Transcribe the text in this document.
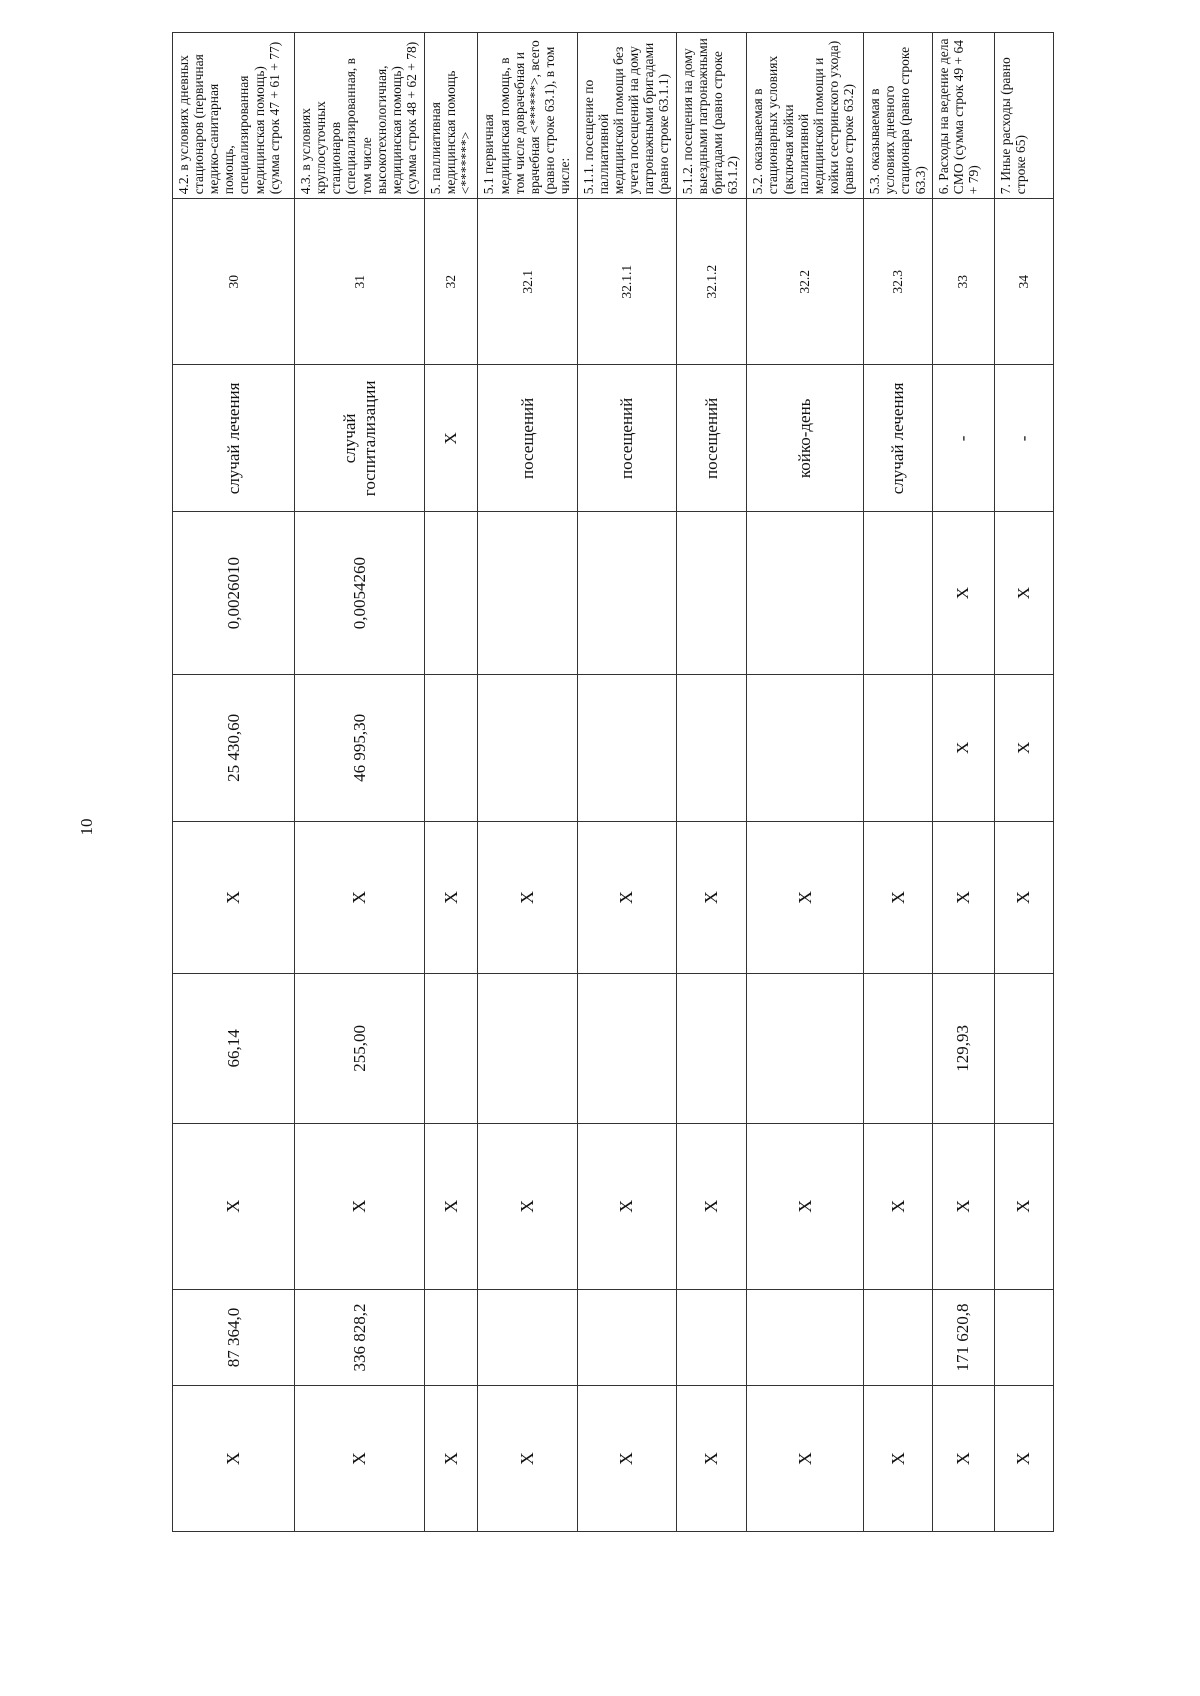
10
X	87 364,0	X	66,14	X	25 430,60	0,0026010	случай лечения	30	4.2. в условиях дневных стационаров (первичная медико-санитарная помощь, специализированная медицинская помощь) (сумма строк 47 + 61 + 77)
X	336 828,2	X	255,00	X	46 995,30	0,0054260	случай госпитализации	31	4.3. в условиях круглосуточных стационаров (специализированная, в том числе высокотехнологичная, медицинская помощь) (сумма строк 48 + 62 + 78)
X		X		X			X	32	5. паллиативная медицинская помощь <*******>
X		X		X			посещений	32.1	5.1 первичная медицинская помощь, в том числе доврачебная и врачебная <******>, всего (равно строке 63.1), в том числе:
X		X		X			посещений	32.1.1	5.1.1. посещение по паллиативной медицинской помощи без учета посещений на дому патронажными бригадами (равно строке 63.1.1)
X		X		X			посещений	32.1.2	5.1.2. посещения на дому выездными патронажными бригадами (равно строке 63.1.2)
X		X		X			койко-день	32.2	5.2. оказываемая в стационарных условиях (включая койки паллиативной медицинской помощи и койки сестринского ухода) (равно строке 63.2)
X		X		X			случай лечения	32.3	5.3. оказываемая в условиях дневного стационара (равно строке 63.3)
X	171 620,8	X	129,93	X	X	X	-	33	6. Расходы на ведение дела СМО (сумма строк 49 + 64 + 79)
X		X		X	X	X	-	34	7. Иные расходы (равно строке 65)
